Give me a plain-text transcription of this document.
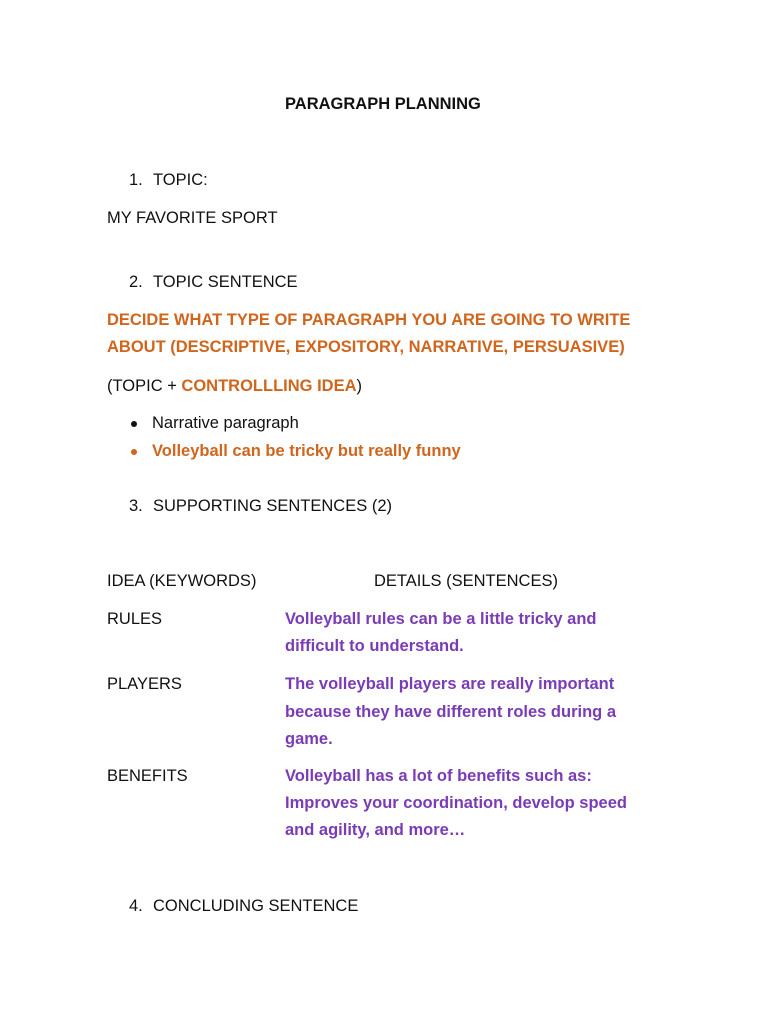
PARAGRAPH PLANNING
1. TOPIC:
MY FAVORITE SPORT
2. TOPIC SENTENCE
DECIDE WHAT TYPE OF PARAGRAPH YOU ARE GOING TO WRITE
ABOUT (DESCRIPTIVE, EXPOSITORY, NARRATIVE, PERSUASIVE)
(TOPIC + CONTROLLLING IDEA)
Narrative paragraph
Volleyball can be tricky but really funny
3. SUPPORTING SENTENCES (2)
IDEA (KEYWORDS)	DETAILS (SENTENCES)
RULES	Volleyball rules can be a little tricky and
difficult to understand.
PLAYERS	The volleyball players are really important
because they have different roles during a
game.
BENEFITS	Volleyball has a lot of benefits such as:
Improves your coordination, develop speed
and agility, and more…
4. CONCLUDING SENTENCE
